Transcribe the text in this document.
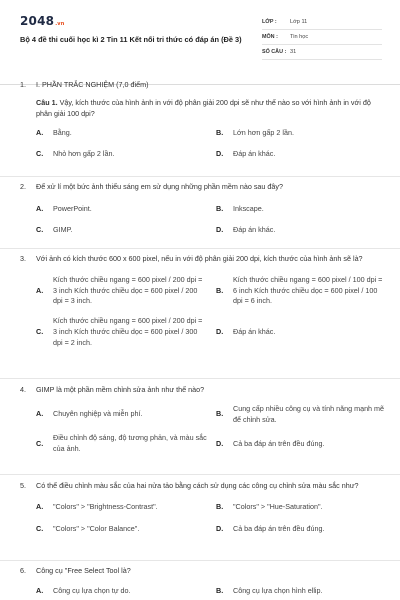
2048.vn
Bộ 4 đề thi cuối học kì 2 Tin 11 Kết nối tri thức có đáp án (Đề 3)
LỚP :	Lớp 11
MÔN :	Tin học
SỐ CÂU : 31
1.	I. PHẦN TRẮC NGHIỆM (7,0 điểm)
Câu 1. Vậy, kích thước của hình ảnh in với độ phân giải 200 dpi sẽ như thế nào so với hình ảnh in với độ phân giải 100 dpi?
A.	Bằng.	B.	Lớn hơn gấp 2 lần.
C.	Nhỏ hơn gấp 2 lần.	D.	Đáp án khác.
2.	Để xử lí một bức ảnh thiếu sáng em sử dụng những phần mềm nào sau đây?
A.	PowerPoint.	B.	Inkscape.
C.	GIMP.	D.	Đáp án khác.
3.	Với ảnh có kích thước 600 x 600 pixel, nếu in với độ phân giải 200 dpi, kích thước của hình ảnh sẽ là?
A.
Kích thước chiều ngang = 600 pixel / 200 dpi = 3 inch Kích thước chiều dọc = 600 pixel / 200 dpi = 3 inch.
B.
Kích thước chiều ngang = 600 pixel / 100 dpi = 6 inch Kích thước chiều dọc = 600 pixel / 100 dpi = 6 inch.
C.
Kích thước chiều ngang = 600 pixel / 200 dpi = 3 inch Kích thước chiều dọc = 600 pixel / 300 dpi = 2 inch.
D.	Đáp án khác.
4.	GIMP là một phần mềm chỉnh sửa ảnh như thế nào?
A.	Chuyên nghiệp và miễn phí.	B.
Cung cấp nhiều công cụ và tính năng mạnh mẽ để chỉnh sửa.
C.
Điều chỉnh độ sáng, độ tương phản, và màu sắc của ảnh.
D.	Cả ba đáp án trên đều đúng.
5.	Có thể điều chỉnh màu sắc của hai nửa tảo bằng cách sử dụng các công cụ chỉnh sửa màu sắc như?
A.	"Colors" > "Brightness-Contrast".	B.	"Colors" > "Hue-Saturation".
C.	"Colors" > "Color Balance".	D.	Cả ba đáp án trên đều đúng.
6.	Công cụ "Free Select Tool là?
A.	Công cụ lựa chọn tự do.	B.	Công cụ lựa chọn hình ellip.
